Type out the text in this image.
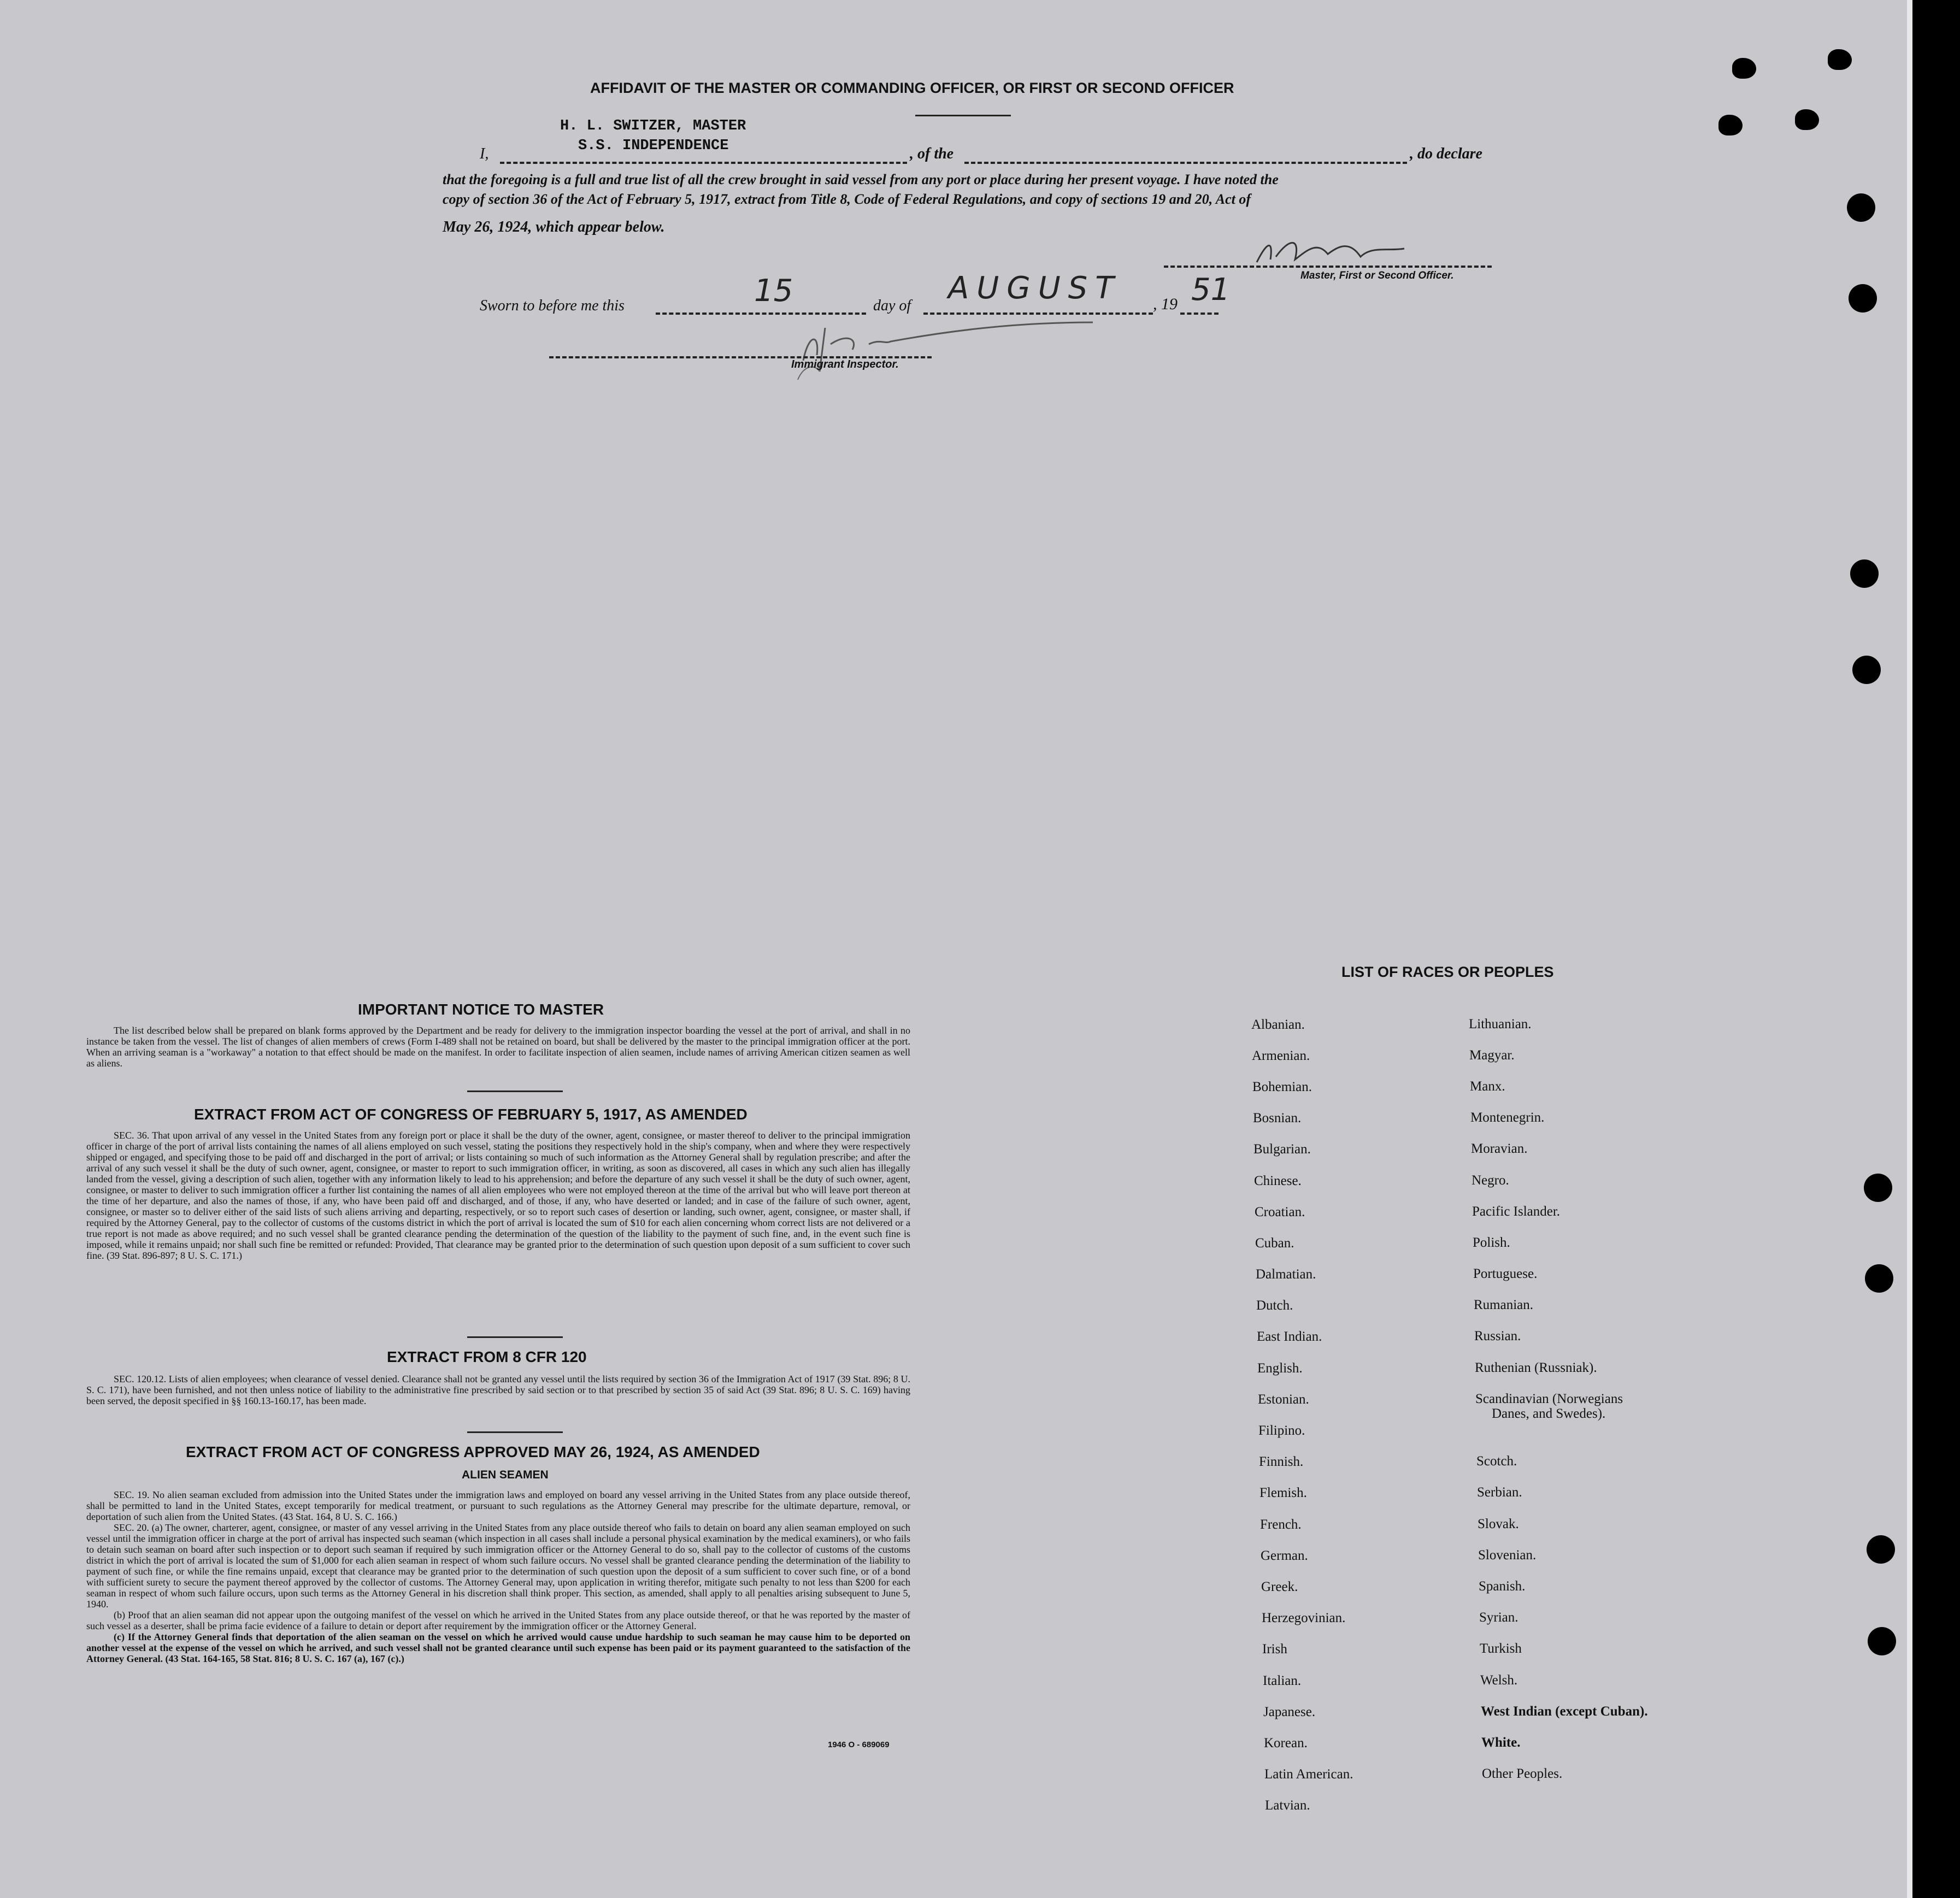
AFFIDAVIT OF THE MASTER OR COMMANDING OFFICER, OR FIRST OR SECOND OFFICER
H. L. SWITZER, MASTER
S.S. INDEPENDENCE
I,	, of the	, do declare
that the foregoing is a full and true list of all the crew brought in said vessel from any port or place during her present voyage. I have noted the
copy of section 36 of the Act of February 5, 1917, extract from Title 8, Code of Federal Regulations, and copy of sections 19 and 20, Act of
May 26, 1924, which appear below.
Master, First or Second Officer.
Sworn to before me this	15	day of AUGUST , 19 51
Immigrant Inspector.
IMPORTANT NOTICE TO MASTER

The list described below shall be prepared on blank forms approved by the Department and be ready for delivery to the immigration inspector boarding the vessel at the port of arrival, and shall in no instance be taken from the vessel. The list of changes of alien members of crews (Form I-489 shall not be retained on board, but shall be delivered by the master to the principal immigration officer at the port. When an arriving seaman is a "workaway" a notation to that effect should be made on the manifest. In order to facilitate inspection of alien seamen, include names of arriving American citizen seamen as well as aliens.

EXTRACT FROM ACT OF CONGRESS OF FEBRUARY 5, 1917, AS AMENDED

SEC. 36. That upon arrival of any vessel in the United States from any foreign port or place it shall be the duty of the owner, agent, consignee, or master thereof to deliver to the principal immigration officer in charge of the port of arrival lists containing the names of all aliens employed on such vessel, stating the positions they respectively hold in the ship's company, when and where they were respectively shipped or engaged, and specifying those to be paid off and discharged in the port of arrival; or lists containing so much of such information as the Attorney General shall by regulation prescribe; and after the arrival of any such vessel it shall be the duty of such owner, agent, consignee, or master to report to such immigration officer, in writing, as soon as discovered, all cases in which any such alien has illegally landed from the vessel, giving a description of such alien, together with any information likely to lead to his apprehension; and before the departure of any such vessel it shall be the duty of such owner, agent, consignee, or master to deliver to such immigration officer a further list containing the names of all alien employees who were not employed thereon at the time of the arrival but who will leave port thereon at the time of her departure, and also the names of those, if any, who have been paid off and discharged, and of those, if any, who have deserted or landed; and in case of the failure of such owner, agent, consignee, or master so to deliver either of the said lists of such aliens arriving and departing, respectively, or so to report such cases of desertion or landing, such owner, agent, consignee, or master shall, if required by the Attorney General, pay to the collector of customs of the customs district in which the port of arrival is located the sum of $10 for each alien concerning whom correct lists are not delivered or a true report is not made as above required; and no such vessel shall be granted clearance pending the determination of the question of the liability to the payment of such fine, and, in the event such fine is imposed, while it remains unpaid; nor shall such fine be remitted or refunded: Provided, That clearance may be granted prior to the determination of such question upon deposit of a sum sufficient to cover such fine. (39 Stat. 896-897; 8 U. S. C. 171.)

EXTRACT FROM 8 CFR 120

SEC. 120.12. Lists of alien employees; when clearance of vessel denied. Clearance shall not be granted any vessel until the lists required by section 36 of the Immigration Act of 1917 (39 Stat. 896; 8 U. S. C. 171), have been furnished, and not then unless notice of liability to the administrative fine prescribed by said section or to that prescribed by section 35 of said Act (39 Stat. 896; 8 U. S. C. 169) having been served, the deposit specified in §§ 160.13-160.17, has been made.

EXTRACT FROM ACT OF CONGRESS APPROVED MAY 26, 1924, AS AMENDED
ALIEN SEAMEN

SEC. 19. No alien seaman excluded from admission into the United States under the immigration laws and employed on board any vessel arriving in the United States from any place outside thereof, shall be permitted to land in the United States, except temporarily for medical treatment, or pursuant to such regulations as the Attorney General may prescribe for the ultimate departure, removal, or deportation of such alien from the United States. (43 Stat. 164, 8 U. S. C. 166.)

SEC. 20. (a) The owner, charterer, agent, consignee, or master of any vessel arriving in the United States from any place outside thereof who fails to detain on board any alien seaman employed on such vessel until the immigration officer in charge at the port of arrival has inspected such seaman (which inspection in all cases shall include a personal physical examination by the medical examiners), or who fails to detain such seaman on board after such inspection or to deport such seaman if required by such immigration officer or the Attorney General to do so, shall pay to the collector of customs of the customs district in which the port of arrival is located the sum of $1,000 for each alien seaman in respect of whom such failure occurs. No vessel shall be granted clearance pending the determination of the liability to payment of such fine, or while the fine remains unpaid, except that clearance may be granted prior to the determination of such question upon the deposit of a sum sufficient to cover such fine, or of a bond with sufficient surety to secure the payment thereof approved by the collector of customs. The Attorney General may, upon application in writing therefor, mitigate such penalty to not less than $200 for each seaman in respect of whom such failure occurs, upon such terms as the Attorney General in his discretion shall think proper. This section, as amended, shall apply to all penalties arising subsequent to June 5, 1940.

(b) Proof that an alien seaman did not appear upon the outgoing manifest of the vessel on which he arrived in the United States from any place outside thereof, or that he was reported by the master of such vessel as a deserter, shall be prima facie evidence of a failure to detain or deport after requirement by the immigration officer or the Attorney General.

(c) If the Attorney General finds that deportation of the alien seaman on the vessel on which he arrived would cause undue hardship to such seaman he may cause him to be deported on another vessel at the expense of the vessel on which he arrived, and such vessel shall not be granted clearance until such expense has been paid or its payment guaranteed to the satisfaction of the Attorney General. (43 Stat. 164-165, 58 Stat. 816; 8 U. S. C. 167 (a), 167 (c).)

1946 O - 689069
LIST OF RACES OR PEOPLES
Albanian.
Armenian.
Bohemian.
Bosnian.
Bulgarian.
Chinese.
Croatian.
Cuban.
Dalmatian.
Dutch.
East Indian.
English.
Estonian.
Filipino.
Finnish.
Flemish.
French.
German.
Greek.
Herzegovinian.
Irish
Italian.
Japanese.
Korean.
Latin American.
Latvian.
Lithuanian.
Magyar.
Manx.
Montenegrin.
Moravian.
Negro.
Pacific Islander.
Polish.
Portuguese.
Rumanian.
Russian.
Ruthenian (Russniak).
Scandinavian (Norwegians
Danes, and Swedes).
Scotch.
Serbian.
Slovak.
Slovenian.
Spanish.
Syrian.
Turkish
Welsh.
West Indian (except Cuban).
White.
Other Peoples.
